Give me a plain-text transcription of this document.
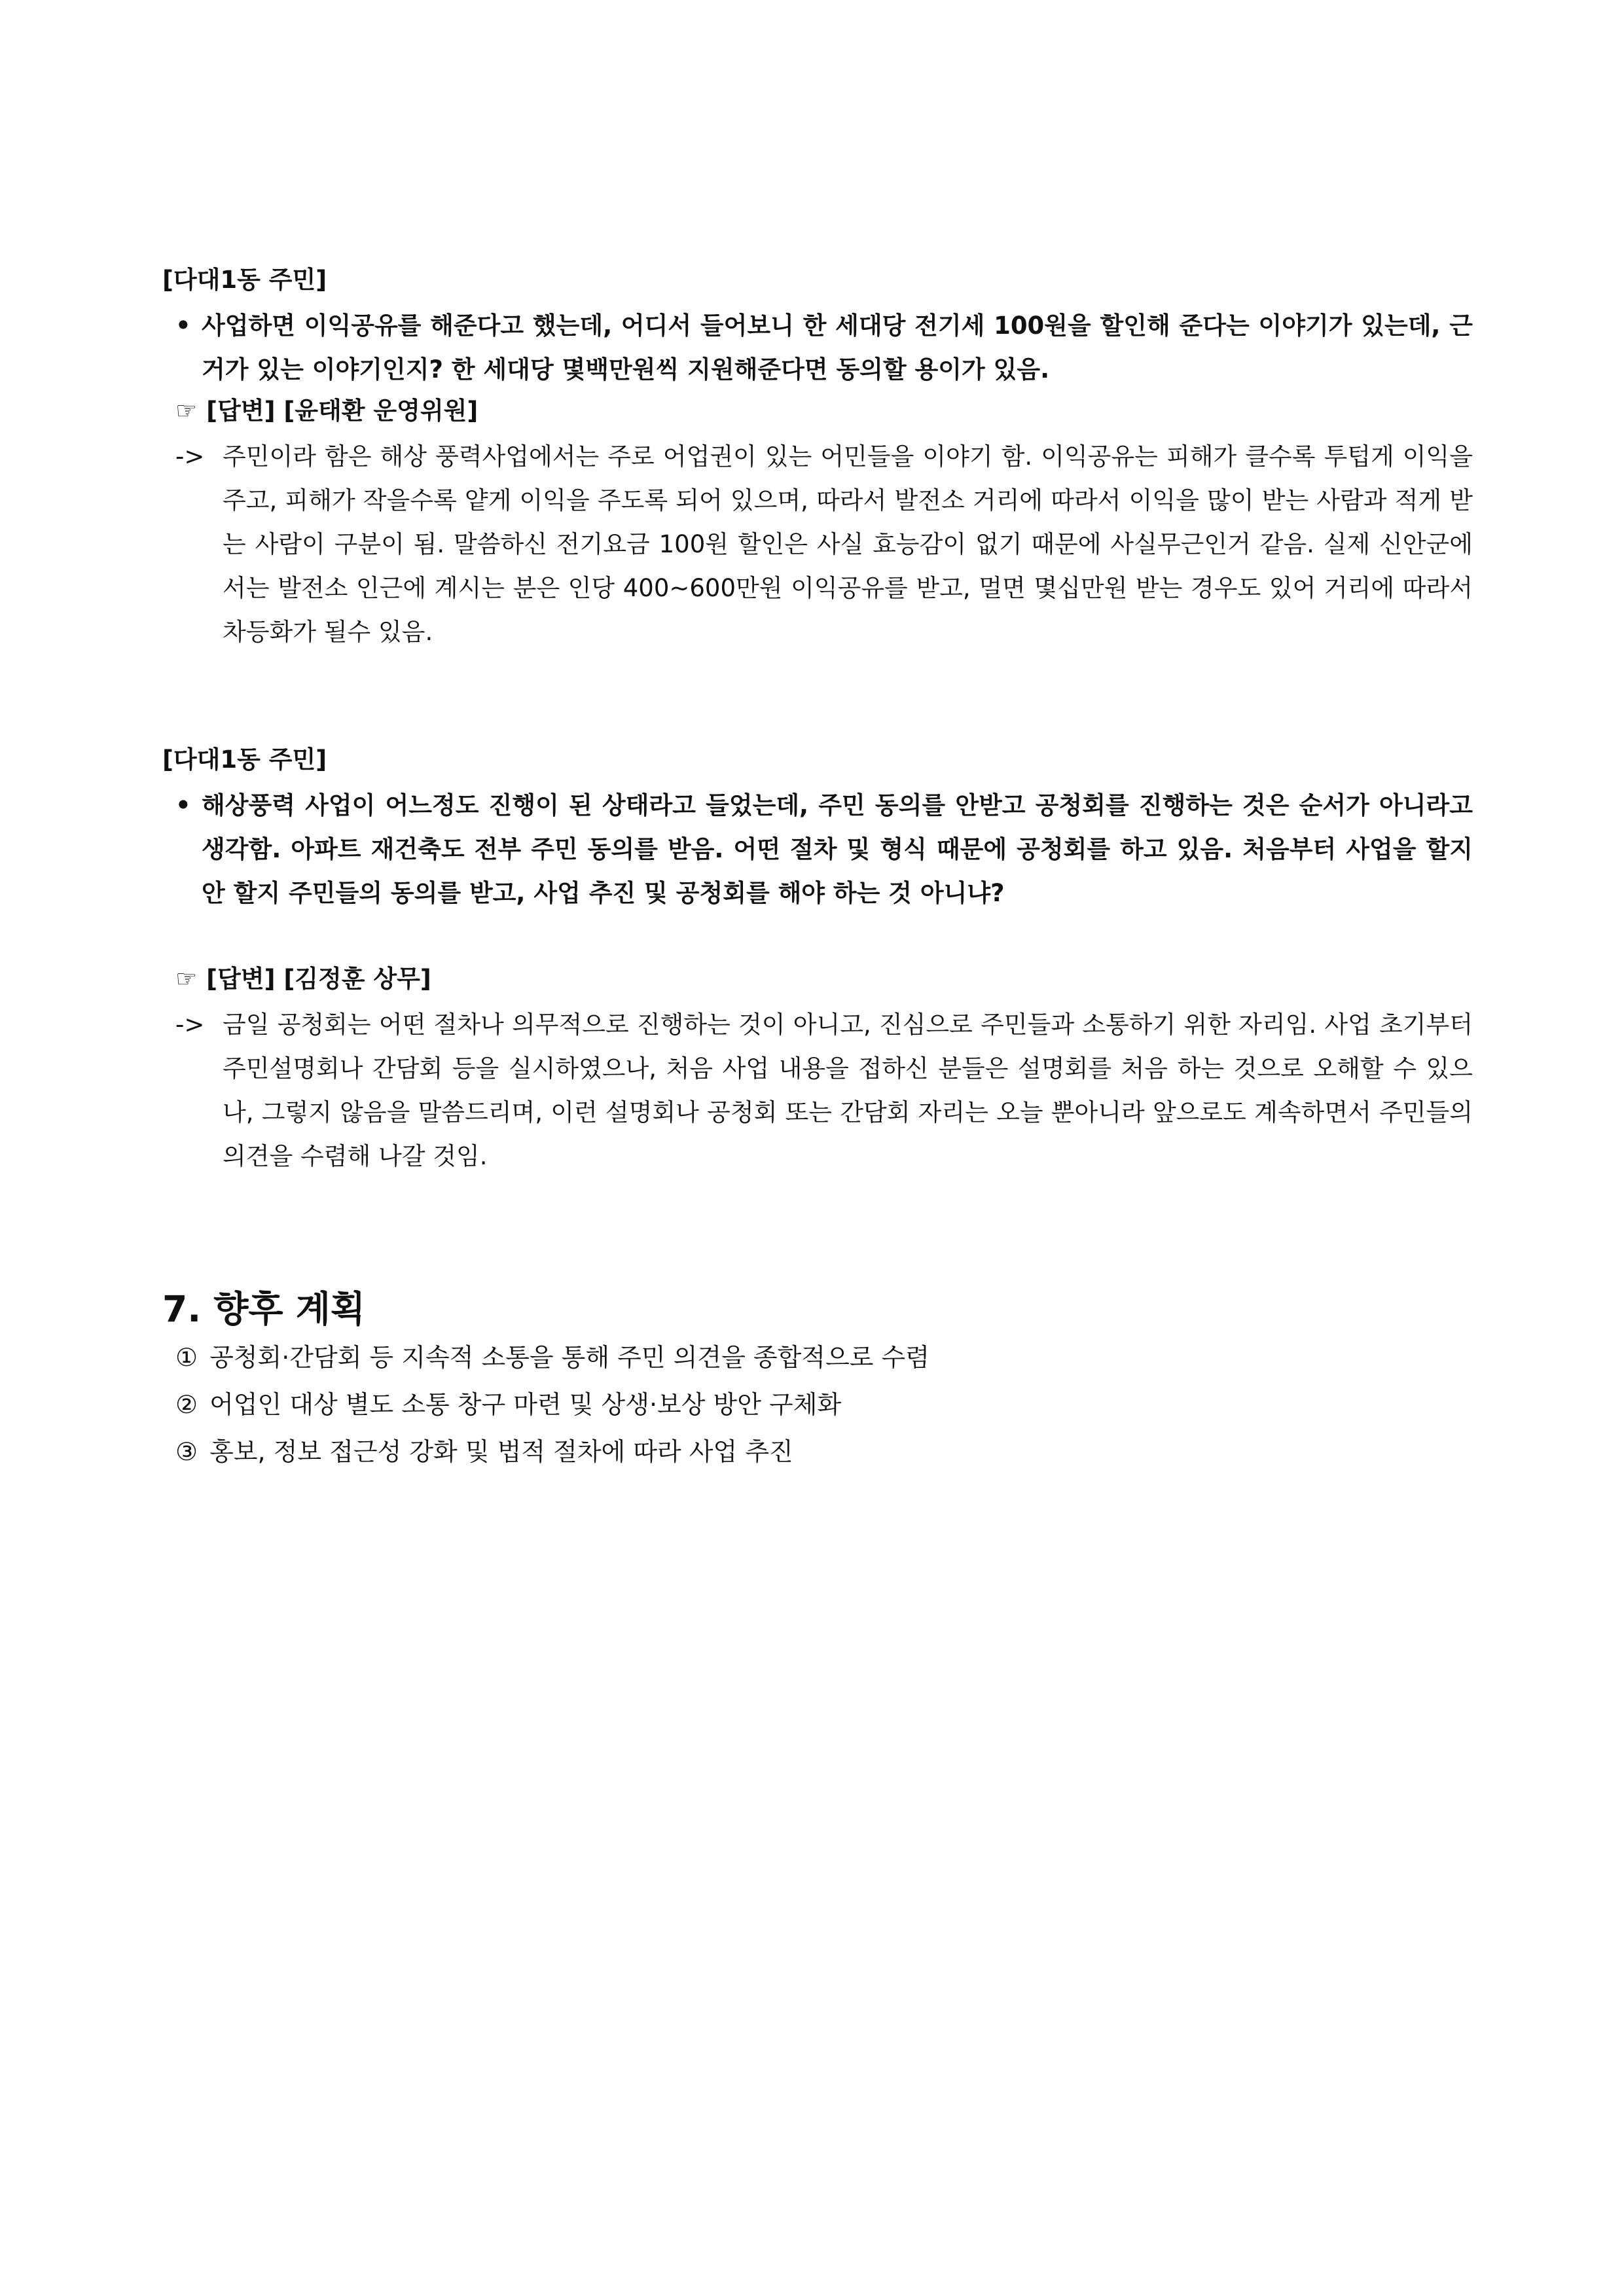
[다대1동 주민]
• 사업하면 이익공유를 해준다고 했는데, 어디서 들어보니 한 세대당 전기세 100원을 할인해 준다는 이야기가 있는데, 근거가 있는 이야기인지? 한 세대당 몇백만원씩 지원해준다면 동의할 용이가 있음.
☞ [답변] [윤태환 운영위원]
-> 주민이라 함은 해상 풍력사업에서는 주로 어업권이 있는 어민들을 이야기 함. 이익공유는 피해가 클수록 투텁게 이익을 주고, 피해가 작을수록 얕게 이익을 주도록 되어 있으며, 따라서 발전소 거리에 따라서 이익을 많이 받는 사람과 적게 받는 사람이 구분이 됨. 말씀하신 전기요금 100원 할인은 사실 효능감이 없기 때문에 사실무근인거 같음. 실제 신안군에서는 발전소 인근에 계시는 분은 인당 400~600만원 이익공유를 받고, 멀면 몇십만원 받는 경우도 있어 거리에 따라서 차등화가 될수 있음.
[다대1동 주민]
• 해상풍력 사업이 어느정도 진행이 된 상태라고 들었는데, 주민 동의를 안받고 공청회를 진행하는 것은 순서가 아니라고 생각함. 아파트 재건축도 전부 주민 동의를 받음. 어떤 절차 및 형식 때문에 공청회를 하고 있음. 처음부터 사업을 할지 안 할지 주민들의 동의를 받고, 사업 추진 및 공청회를 해야 하는 것 아니냐?
☞ [답변] [김정훈 상무]
-> 금일 공청회는 어떤 절차나 의무적으로 진행하는 것이 아니고, 진심으로 주민들과 소통하기 위한 자리임. 사업 초기부터 주민설명회나 간담회 등을 실시하였으나, 처음 사업 내용을 접하신 분들은 설명회를 처음 하는 것으로 오해할 수 있으나, 그렇지 않음을 말씀드리며, 이런 설명회나 공청회 또는 간담회 자리는 오늘 뿐아니라 앞으로도 계속하면서 주민들의 의견을 수렴해 나갈 것임.
7. 향후 계획
① 공청회·간담회 등 지속적 소통을 통해 주민 의견을 종합적으로 수렴
② 어업인 대상 별도 소통 창구 마련 및 상생·보상 방안 구체화
③ 홍보, 정보 접근성 강화 및 법적 절차에 따라 사업 추진
